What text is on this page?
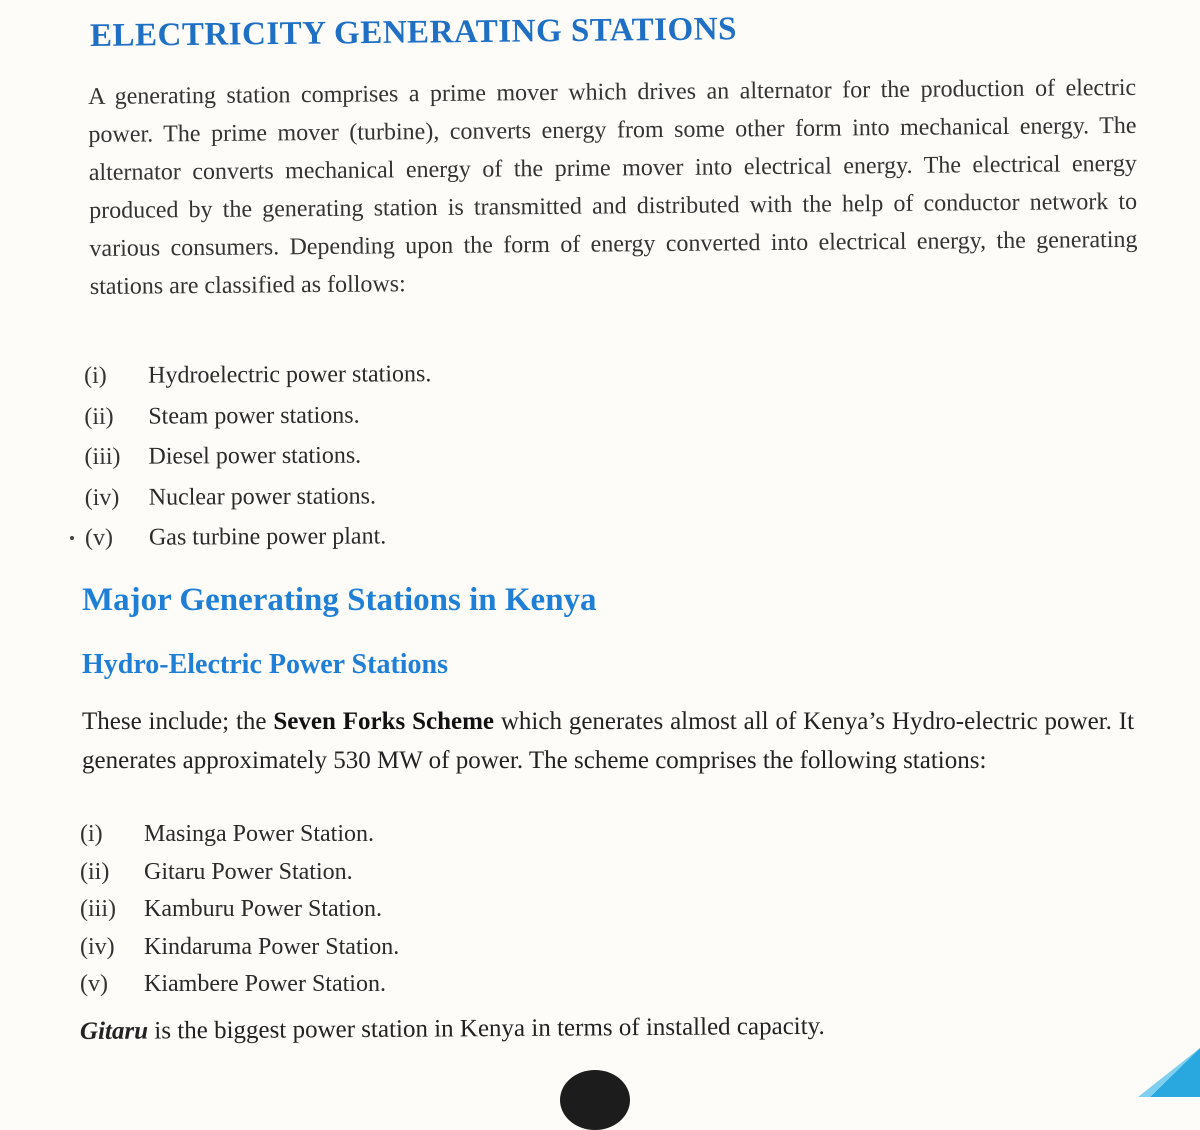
ELECTRICITY GENERATING STATIONS

A generating station comprises a prime mover which drives an alternator for the production of electric power. The prime mover (turbine), converts energy from some other form into mechanical energy. The alternator converts mechanical energy of the prime mover into electrical energy. The electrical energy produced by the generating station is transmitted and distributed with the help of conductor network to various consumers. Depending upon the form of energy converted into electrical energy, the generating stations are classified as follows:

(i)	Hydroelectric power stations.
(ii)	Steam power stations.
(iii)	Diesel power stations.
(iv)	Nuclear power stations.
(v)	Gas turbine power plant.
Major Generating Stations in Kenya
Hydro-Electric Power Stations

These include; the Seven Forks Scheme which generates almost all of Kenya’s Hydro-electric power. It generates approximately 530 MW of power. The scheme comprises the following stations:

(i)	Masinga Power Station.
(ii)	Gitaru Power Station.
(iii)	Kamburu Power Station.
(iv)	Kindaruma Power Station.
(v)	Kiambere Power Station.

Gitaru is the biggest power station in Kenya in terms of installed capacity.
